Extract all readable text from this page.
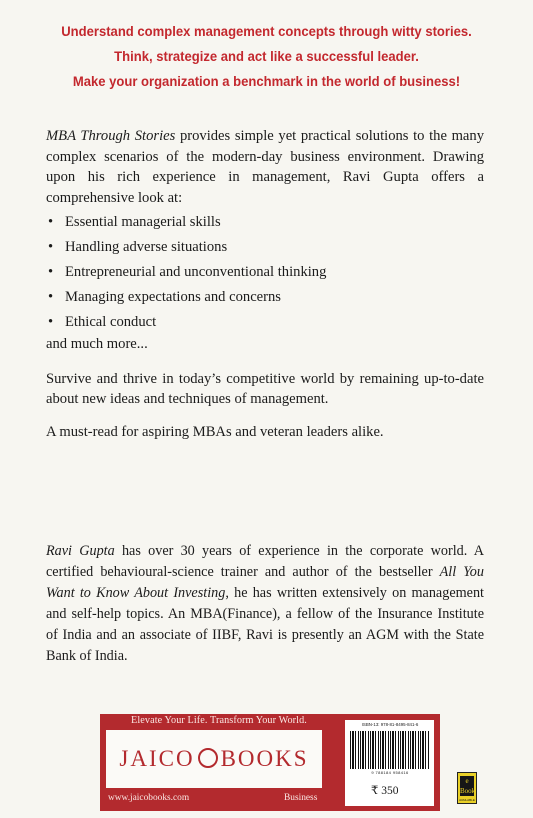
Understand complex management concepts through witty stories.
Think, strategize and act like a successful leader.
Make your organization a benchmark in the world of business!

MBA Through Stories provides simple yet practical solutions to the many complex scenarios of the modern-day business environment. Drawing upon his rich experience in management, Ravi Gupta offers a comprehensive look at:

• Essential managerial skills
• Handling adverse situations
• Entrepreneurial and unconventional thinking
• Managing expectations and concerns
• Ethical conduct

and much more...

Survive and thrive in today’s competitive world by remaining up-to-date about new ideas and techniques of management.

A must-read for aspiring MBAs and veteran leaders alike.

Ravi Gupta has over 30 years of experience in the corporate world. A certified behavioural-science trainer and author of the bestseller All You Want to Know About Investing, he has written extensively on management and self-help topics. An MBA(Finance), a fellow of the Insurance Institute of India and an associate of IIBF, Ravi is presently an AGM with the State Bank of India.

Elevate Your Life. Transform Your World.
JAICO BOOKS
www.jaicobooks.com	Business
ISBN-13: 978-81-8495-841-6
9 788184 958416
₹ 350
e Book
AVAILABLE
